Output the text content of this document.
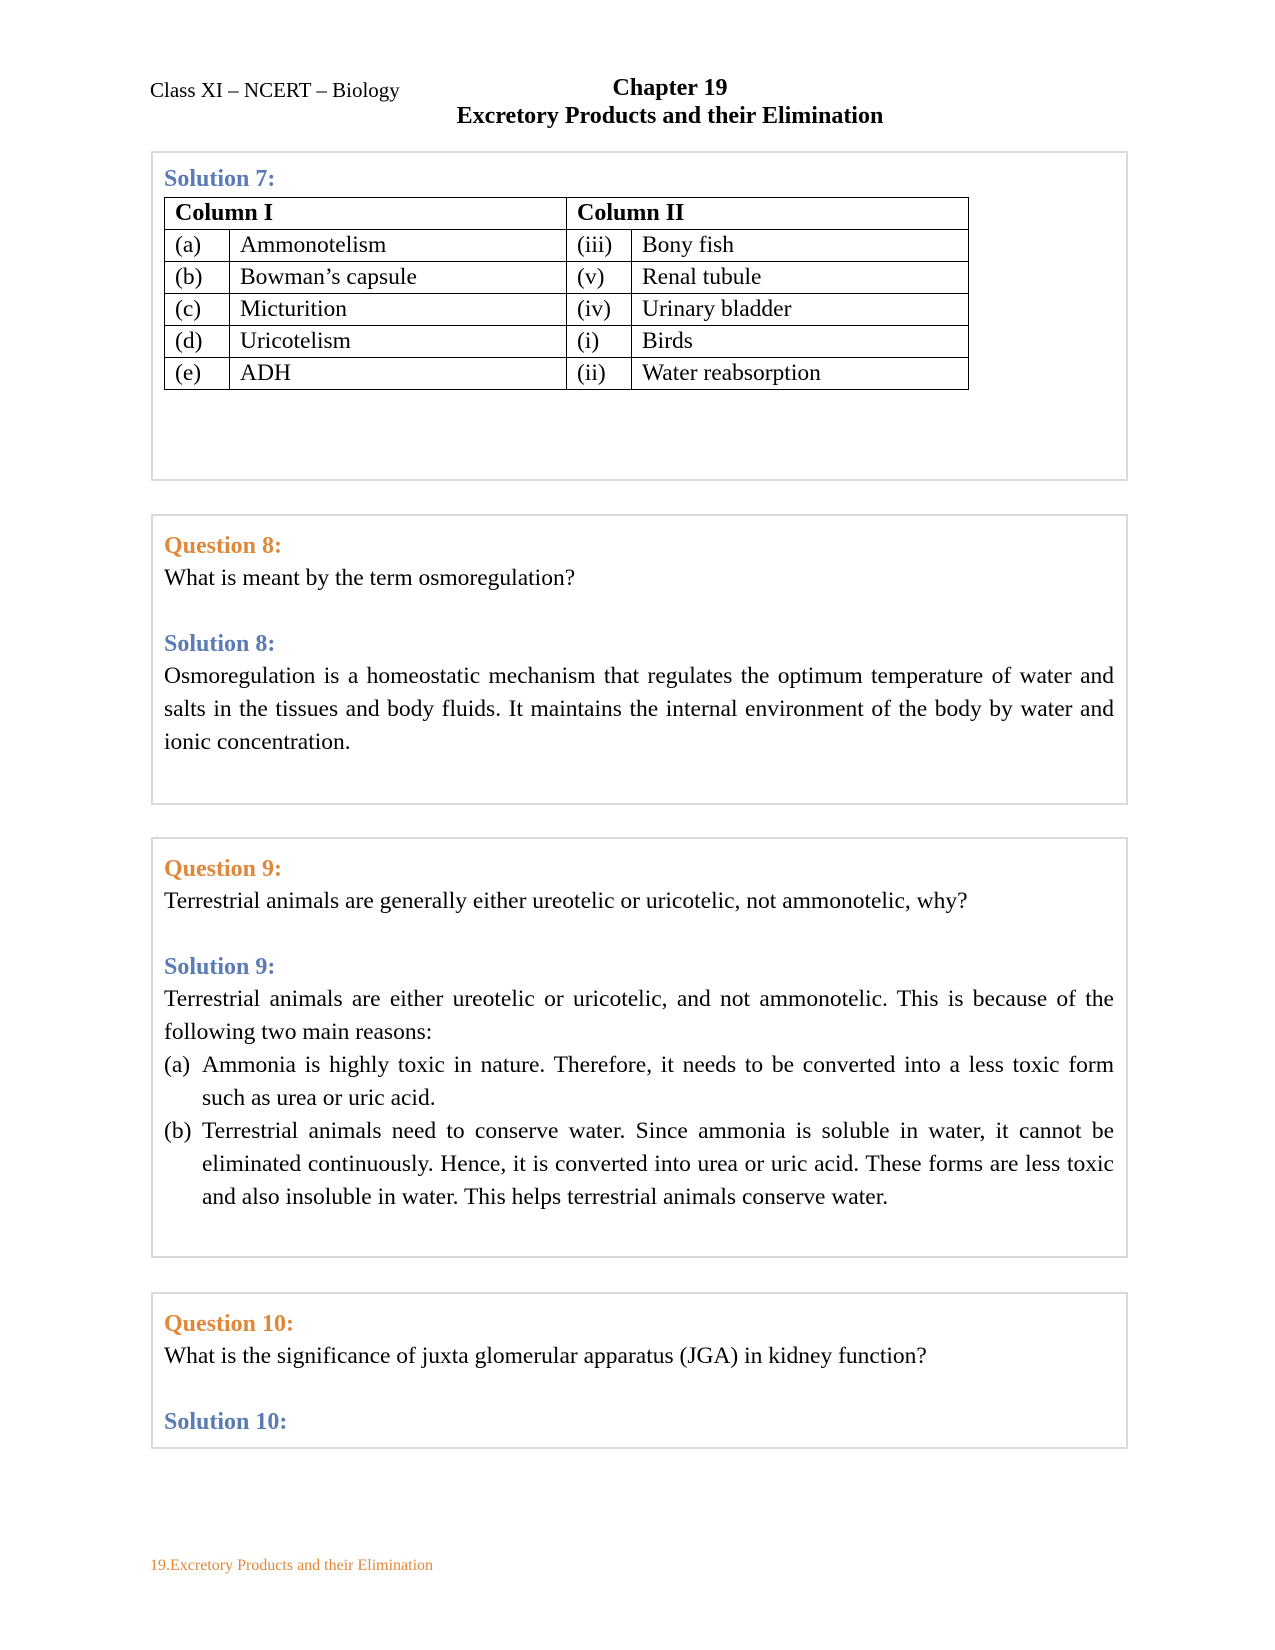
Class XI – NCERT – Biology	Chapter 19
Excretory Products and their Elimination

Solution 7:

Column I		Column II	
(a)	Ammonotelism	(iii)	Bony fish
(b)	Bowman’s capsule	(v)	Renal tubule
(c)	Micturition	(iv)	Urinary bladder
(d)	Uricotelism	(i)	Birds
(e)	ADH	(ii)	Water reabsorption

Question 8:

What is meant by the term osmoregulation?

Solution 8:

Osmoregulation is a homeostatic mechanism that regulates the optimum temperature of water and salts in the tissues and body fluids. It maintains the internal environment of the body by water and ionic concentration.

Question 9:

Terrestrial animals are generally either ureotelic or uricotelic, not ammonotelic, why?

Solution 9:

Terrestrial animals are either ureotelic or uricotelic, and not ammonotelic. This is because of the following two main reasons:

(a) Ammonia is highly toxic in nature. Therefore, it needs to be converted into a less toxic form such as urea or uric acid.
(b) Terrestrial animals need to conserve water. Since ammonia is soluble in water, it cannot be eliminated continuously. Hence, it is converted into urea or uric acid. These forms are less toxic and also insoluble in water. This helps terrestrial animals conserve water.

Question 10:

What is the significance of juxta glomerular apparatus (JGA) in kidney function?

Solution 10:

19.Excretory Products and their Elimination
